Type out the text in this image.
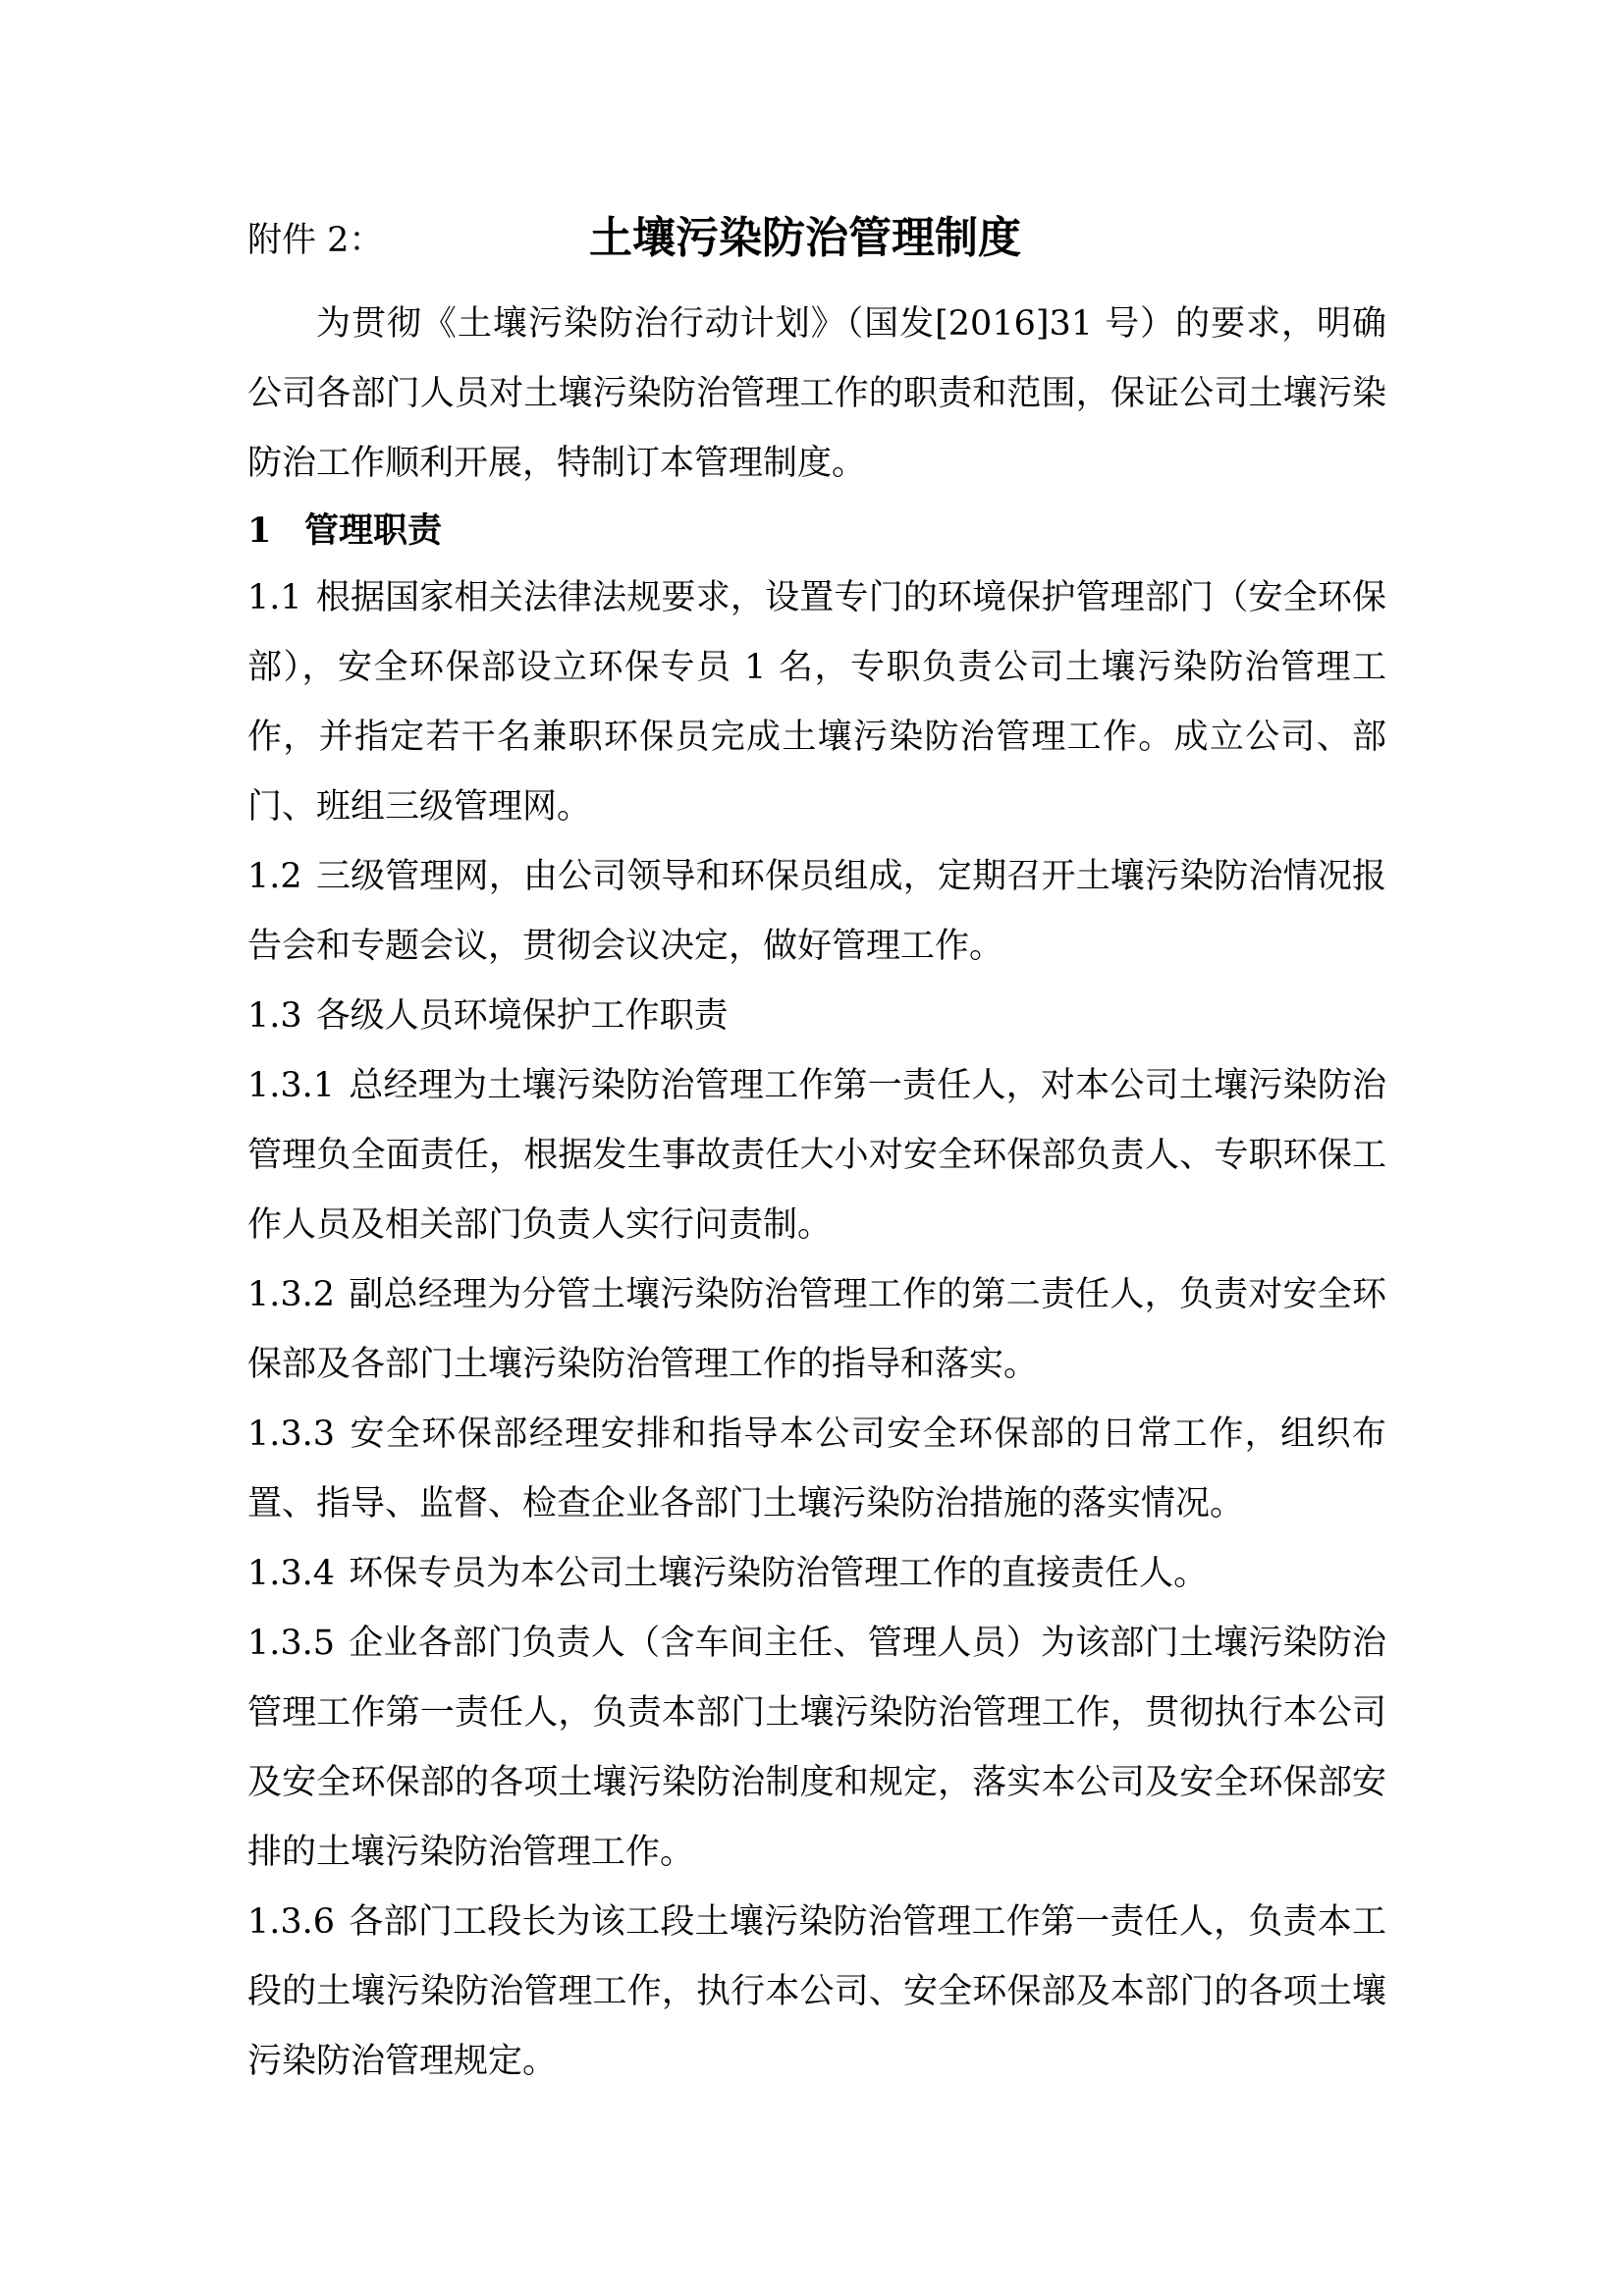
附件 2：	土壤污染防治管理制度

为贯彻《土壤污染防治行动计划》（国发[2016]31 号）的要求，明确公司各部门人员对土壤污染防治管理工作的职责和范围，保证公司土壤污染防治工作顺利开展，特制订本管理制度。

1 管理职责

1.1 根据国家相关法律法规要求，设置专门的环境保护管理部门（安全环保部），安全环保部设立环保专员 1 名，专职负责公司土壤污染防治管理工作，并指定若干名兼职环保员完成土壤污染防治管理工作。成立公司、部门、班组三级管理网。

1.2 三级管理网，由公司领导和环保员组成，定期召开土壤污染防治情况报告会和专题会议，贯彻会议决定，做好管理工作。

1.3 各级人员环境保护工作职责

1.3.1 总经理为土壤污染防治管理工作第一责任人，对本公司土壤污染防治管理负全面责任，根据发生事故责任大小对安全环保部负责人、专职环保工作人员及相关部门负责人实行问责制。

1.3.2 副总经理为分管土壤污染防治管理工作的第二责任人，负责对安全环保部及各部门土壤污染防治管理工作的指导和落实。

1.3.3 安全环保部经理安排和指导本公司安全环保部的日常工作，组织布置、指导、监督、检查企业各部门土壤污染防治措施的落实情况。

1.3.4 环保专员为本公司土壤污染防治管理工作的直接责任人。

1.3.5 企业各部门负责人（含车间主任、管理人员）为该部门土壤污染防治管理工作第一责任人，负责本部门土壤污染防治管理工作，贯彻执行本公司及安全环保部的各项土壤污染防治制度和规定，落实本公司及安全环保部安排的土壤污染防治管理工作。

1.3.6 各部门工段长为该工段土壤污染防治管理工作第一责任人，负责本工段的土壤污染防治管理工作，执行本公司、安全环保部及本部门的各项土壤污染防治管理规定。
